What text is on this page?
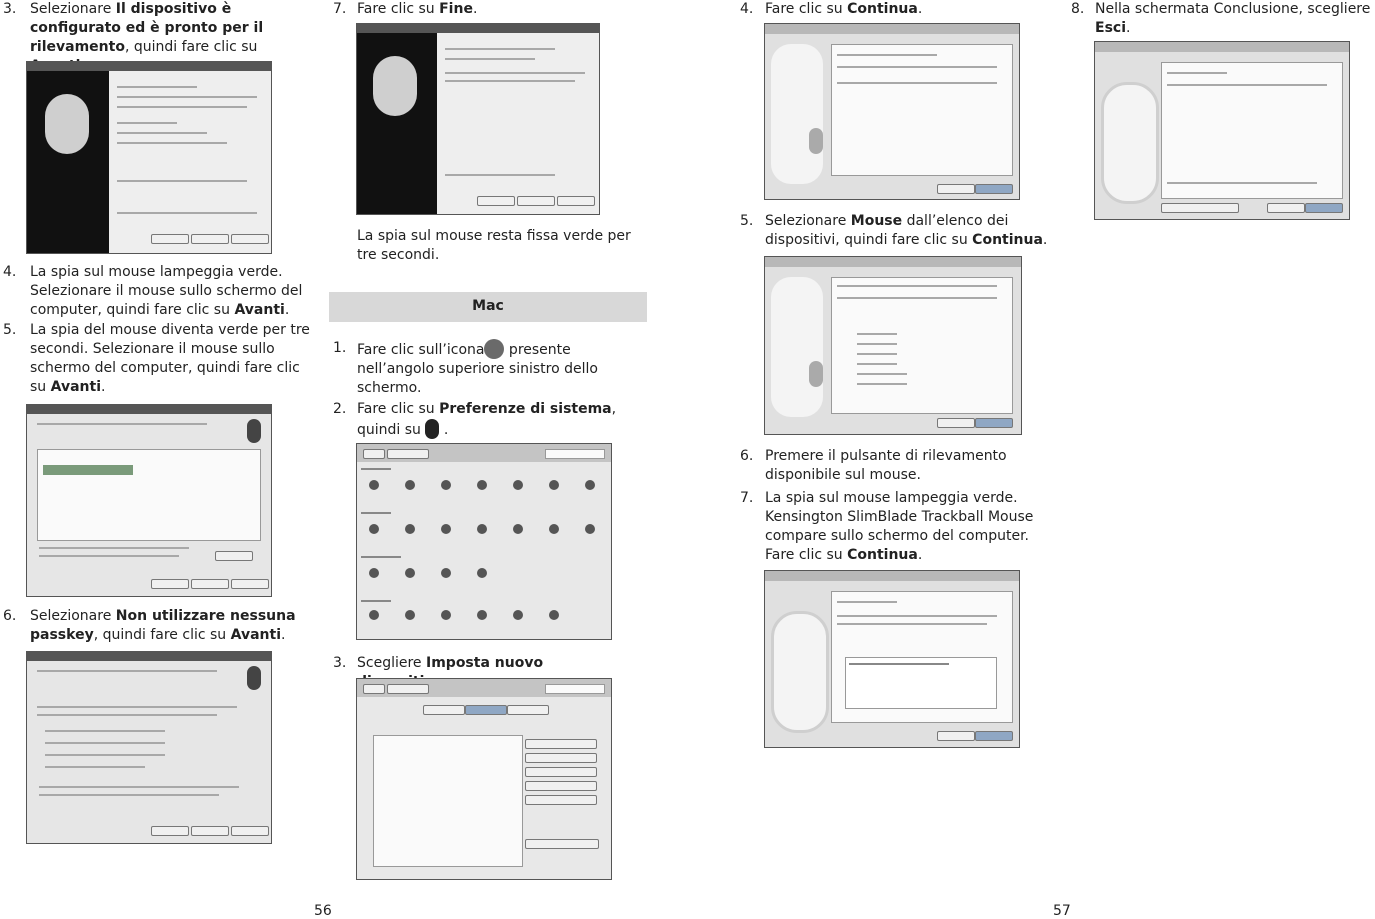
3. Selezionare Il dispositivo è configurato ed è pronto per il rilevamento, quindi fare clic su
4. La spia sul mouse lampeggia verde. Selezionare il mouse sullo schermo del computer, quindi fare clic su Avanti.
5. La spia del mouse diventa verde per tre secondi. Selezionare il mouse sullo schermo del computer, quindi fare clic su Avanti.
6. Selezionare Non utilizzare nessuna passkey, quindi fare clic su Avanti.
7. Fare clic su Fine.
La spia sul mouse resta fissa verde per tre secondi.
Mac
1. Fare clic sull’icona presente nell’angolo superiore sinistro dello schermo.
2. Fare clic su Preferenze di sistema, quindi su  .
3. Scegliere Imposta nuovo
56
4. Fare clic su Continua.
5. Selezionare Mouse dall’elenco dei dispositivi, quindi fare clic su Continua.
6. Premere il pulsante di rilevamento disponibile sul mouse.
7. La spia sul mouse lampeggia verde. Kensington SlimBlade Trackball Mouse compare sullo schermo del computer. Fare clic su Continua.
57
8. Nella schermata Conclusione, scegliere Esci.
